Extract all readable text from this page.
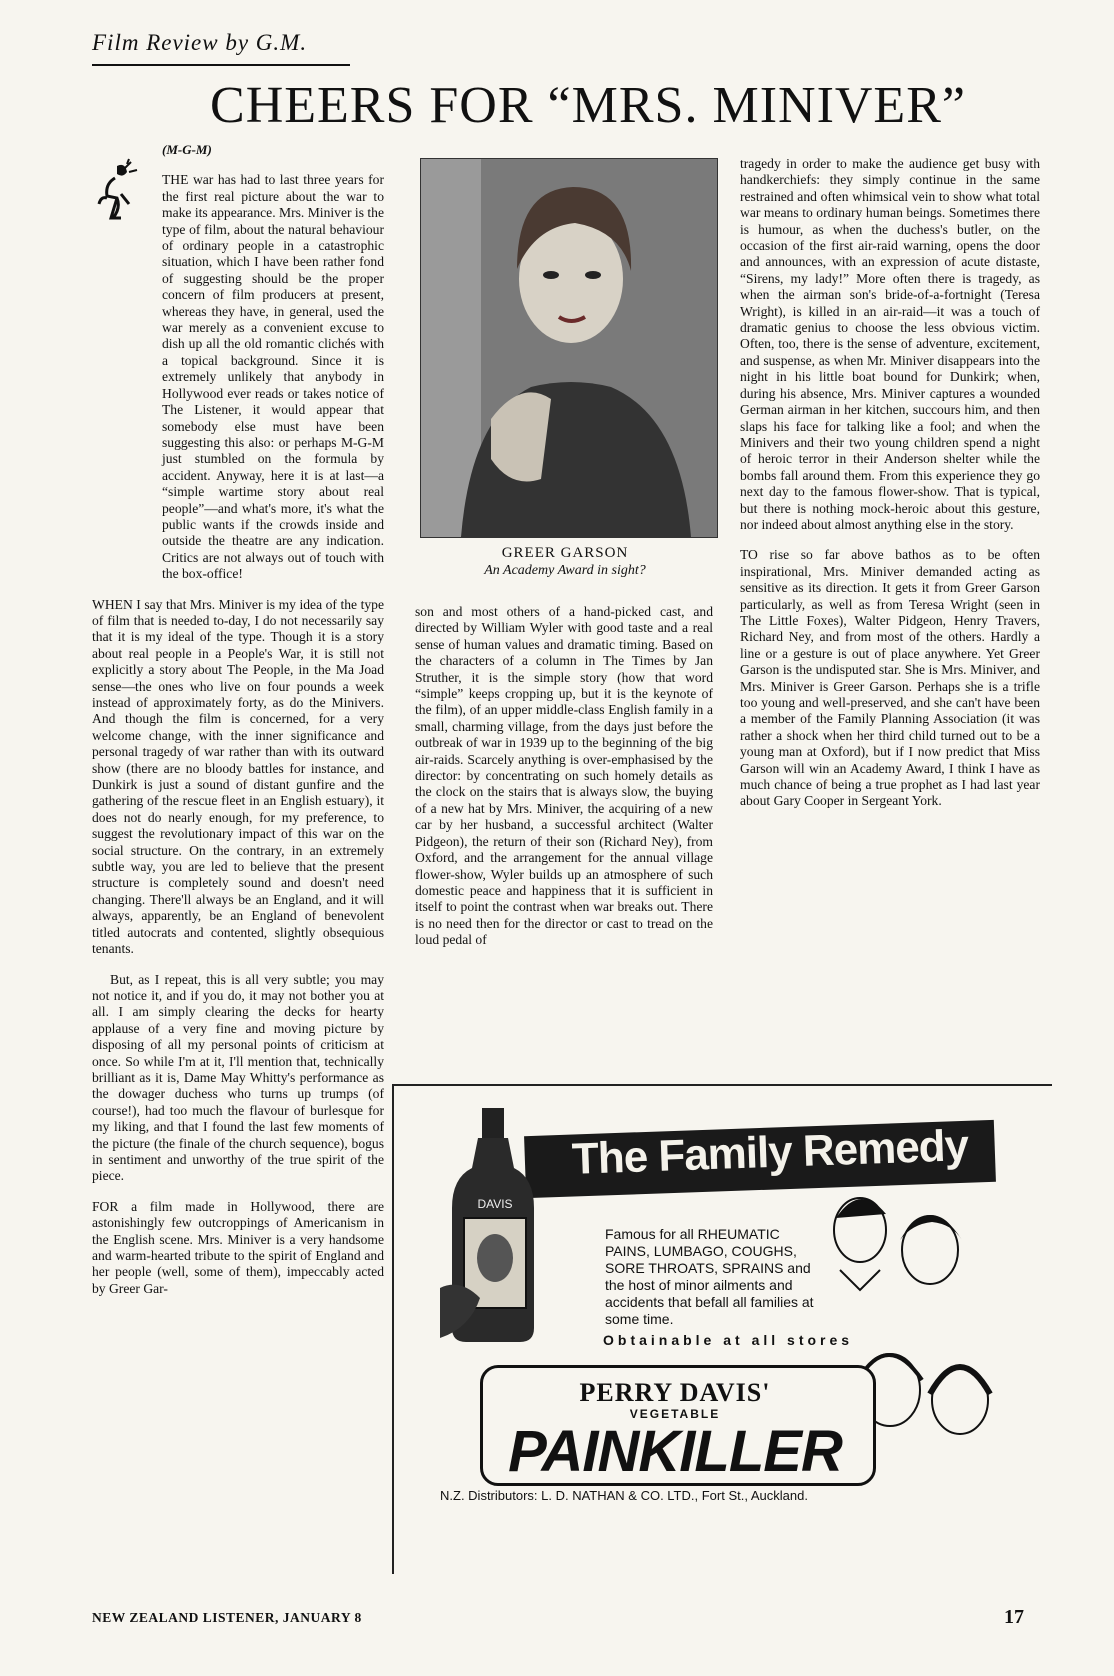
Film Review by G.M.
CHEERS FOR “MRS. MINIVER”

(M-G-M)

THE war has had to last three years for the first real picture about the war to make its appearance. Mrs. Miniver is the type of film, about the natural behaviour of ordinary people in a catastrophic situation, which I have been rather fond of suggesting should be the proper concern of film producers at present, whereas they have, in general, used the war merely as a convenient excuse to dish up all the old romantic clichés with a topical background. Since it is extremely unlikely that anybody in Hollywood ever reads or takes notice of The Listener, it would appear that somebody else must have been suggesting this also: or perhaps M-G-M just stumbled on the formula by accident. Anyway, here it is at last—a “simple wartime story about real people”—and what's more, it's what the public wants if the crowds inside and outside the theatre are any indication. Critics are not always out of touch with the box-office!

WHEN I say that Mrs. Miniver is my idea of the type of film that is needed to-day, I do not necessarily say that it is my ideal of the type. Though it is a story about real people in a People's War, it is still not explicitly a story about The People, in the Ma Joad sense—the ones who live on four pounds a week instead of approximately forty, as do the Minivers. And though the film is concerned, for a very welcome change, with the inner significance and personal tragedy of war rather than with its outward show (there are no bloody battles for instance, and Dunkirk is just a sound of distant gunfire and the gathering of the rescue fleet in an English estuary), it does not do nearly enough, for my preference, to suggest the revolutionary impact of this war on the social structure. On the contrary, in an extremely subtle way, you are led to believe that the present structure is completely sound and doesn't need changing. There'll always be an England, and it will always, apparently, be an England of benevolent titled autocrats and contented, slightly obsequious tenants.

But, as I repeat, this is all very subtle; you may not notice it, and if you do, it may not bother you at all. I am simply clearing the decks for hearty applause of a very fine and moving picture by disposing of all my personal points of criticism at once. So while I'm at it, I'll mention that, technically brilliant as it is, Dame May Whitty's performance as the dowager duchess who turns up trumps (of course!), had too much the flavour of burlesque for my liking, and that I found the last few moments of the picture (the finale of the church sequence), bogus in sentiment and unworthy of the true spirit of the piece.

FOR a film made in Hollywood, there are astonishingly few outcroppings of Americanism in the English scene. Mrs. Miniver is a very handsome and warm-hearted tribute to the spirit of England and her people (well, some of them), impeccably acted by Greer Gar-

GREER GARSON
An Academy Award in sight?

son and most others of a hand-picked cast, and directed by William Wyler with good taste and a real sense of human values and dramatic timing. Based on the characters of a column in The Times by Jan Struther, it is the simple story (how that word “simple” keeps cropping up, but it is the keynote of the film), of an upper middle-class English family in a small, charming village, from the days just before the outbreak of war in 1939 up to the beginning of the big air-raids. Scarcely anything is over-emphasised by the director: by concentrating on such homely details as the clock on the stairs that is always slow, the buying of a new hat by Mrs. Miniver, the acquiring of a new car by her husband, a successful architect (Walter Pidgeon), the return of their son (Richard Ney), from Oxford, and the arrangement for the annual village flower-show, Wyler builds up an atmosphere of such domestic peace and happiness that it is sufficient in itself to point the contrast when war breaks out. There is no need then for the director or cast to tread on the loud pedal of

tragedy in order to make the audience get busy with handkerchiefs: they simply continue in the same restrained and often whimsical vein to show what total war means to ordinary human beings. Sometimes there is humour, as when the duchess's butler, on the occasion of the first air-raid warning, opens the door and announces, with an expression of acute distaste, “Sirens, my lady!” More often there is tragedy, as when the airman son's bride-of-a-fortnight (Teresa Wright), is killed in an air-raid—it was a touch of dramatic genius to choose the less obvious victim. Often, too, there is the sense of adventure, excitement, and suspense, as when Mr. Miniver disappears into the night in his little boat bound for Dunkirk; when, during his absence, Mrs. Miniver captures a wounded German airman in her kitchen, succours him, and then slaps his face for talking like a fool; and when the Minivers and their two young children spend a night of heroic terror in their Anderson shelter while the bombs fall around them. From this experience they go next day to the famous flower-show. That is typical, but there is nothing mock-heroic about this gesture, nor indeed about almost anything else in the story.

TO rise so far above bathos as to be often inspirational, Mrs. Miniver demanded acting as sensitive as its direction. It gets it from Greer Garson particularly, as well as from Teresa Wright (seen in The Little Foxes), Walter Pidgeon, Henry Travers, Richard Ney, and from most of the others. Hardly a line or a gesture is out of place anywhere. Yet Greer Garson is the undisputed star. She is Mrs. Miniver, and Mrs. Miniver is Greer Garson. Perhaps she is a trifle too young and well-preserved, and she can't have been a member of the Family Planning Association (it was rather a shock when her third child turned out to be a young man at Oxford), but if I now predict that Miss Garson will win an Academy Award, I think I have as much chance of being a true prophet as I had last year about Gary Cooper in Sergeant York.

The Family Remedy
DAVIS
Famous for all RHEUMATIC PAINS, LUMBAGO, COUGHS, SORE THROATS, SPRAINS and the host of minor ailments and accidents that befall all families at some time.
Obtainable at all stores
PERRY DAVIS'
VEGETABLE
PAINKILLER
N.Z. Distributors: L. D. NATHAN & CO. LTD., Fort St., Auckland.
NEW ZEALAND LISTENER, JANUARY 8	17
